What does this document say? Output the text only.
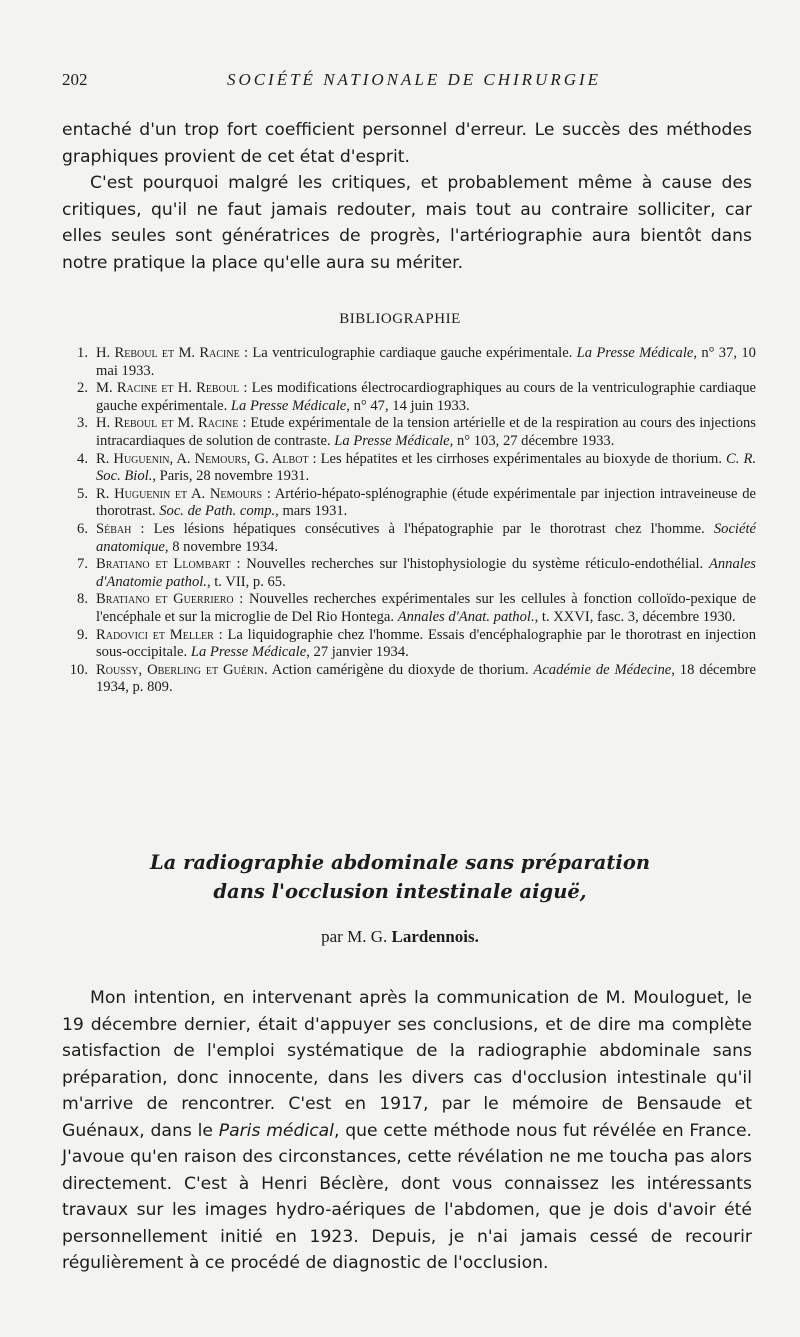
202	SOCIÉTÉ NATIONALE DE CHIRURGIE
entaché d'un trop fort coefficient personnel d'erreur. Le succès des méthodes graphiques provient de cet état d'esprit.
C'est pourquoi malgré les critiques, et probablement même à cause des critiques, qu'il ne faut jamais redouter, mais tout au contraire solliciter, car elles seules sont génératrices de progrès, l'artériographie aura bientôt dans notre pratique la place qu'elle aura su mériter.
BIBLIOGRAPHIE
1. H. Reboul et M. Racine : La ventriculographie cardiaque gauche expérimentale. La Presse Médicale, n° 37, 10 mai 1933.
2. M. Racine et H. Reboul : Les modifications électrocardiographiques au cours de la ventriculographie cardiaque gauche expérimentale. La Presse Médicale, n° 47, 14 juin 1933.
3. H. Reboul et M. Racine : Etude expérimentale de la tension artérielle et de la respiration au cours des injections intracardiaques de solution de contraste. La Presse Médicale, n° 103, 27 décembre 1933.
4. R. Huguenin, A. Nemours, G. Albot : Les hépatites et les cirrhoses expérimentales au bioxyde de thorium. C. R. Soc. Biol., Paris, 28 novembre 1931.
5. R. Huguenin et A. Nemours : Artério-hépato-splénographie (étude expérimentale par injection intraveineuse de thorotrast. Soc. de Path. comp., mars 1931.
6. Sébah : Les lésions hépatiques consécutives à l'hépatographie par le thorotrast chez l'homme. Société anatomique, 8 novembre 1934.
7. Bratiano et Llombart : Nouvelles recherches sur l'histophysiologie du système réticulo-endothélial. Annales d'Anatomie pathol., t. VII, p. 65.
8. Bratiano et Guerriero : Nouvelles recherches expérimentales sur les cellules à fonction colloïdo-pexique de l'encéphale et sur la microglie de Del Rio Hontega. Annales d'Anat. pathol., t. XXVI, fasc. 3, décembre 1930.
9. Radovici et Meller : La liquidographie chez l'homme. Essais d'encéphalographie par le thorotrast en injection sous-occipitale. La Presse Médicale, 27 janvier 1934.
10. Roussy, Oberling et Guérin. Action camérigène du dioxyde de thorium. Académie de Médecine, 18 décembre 1934, p. 809.
La radiographie abdominale sans préparation
dans l'occlusion intestinale aiguë,
par M. G. Lardennois.
Mon intention, en intervenant après la communication de M. Mouloguet, le 19 décembre dernier, était d'appuyer ses conclusions, et de dire ma complète satisfaction de l'emploi systématique de la radiographie abdominale sans préparation, donc innocente, dans les divers cas d'occlusion intestinale qu'il m'arrive de rencontrer. C'est en 1917, par le mémoire de Bensaude et Guénaux, dans le Paris médical, que cette méthode nous fut révélée en France. J'avoue qu'en raison des circonstances, cette révélation ne me toucha pas alors directement. C'est à Henri Béclère, dont vous connaissez les intéressants travaux sur les images hydro-aériques de l'abdomen, que je dois d'avoir été personnellement initié en 1923. Depuis, je n'ai jamais cessé de recourir régulièrement à ce procédé de diagnostic de l'occlusion.
